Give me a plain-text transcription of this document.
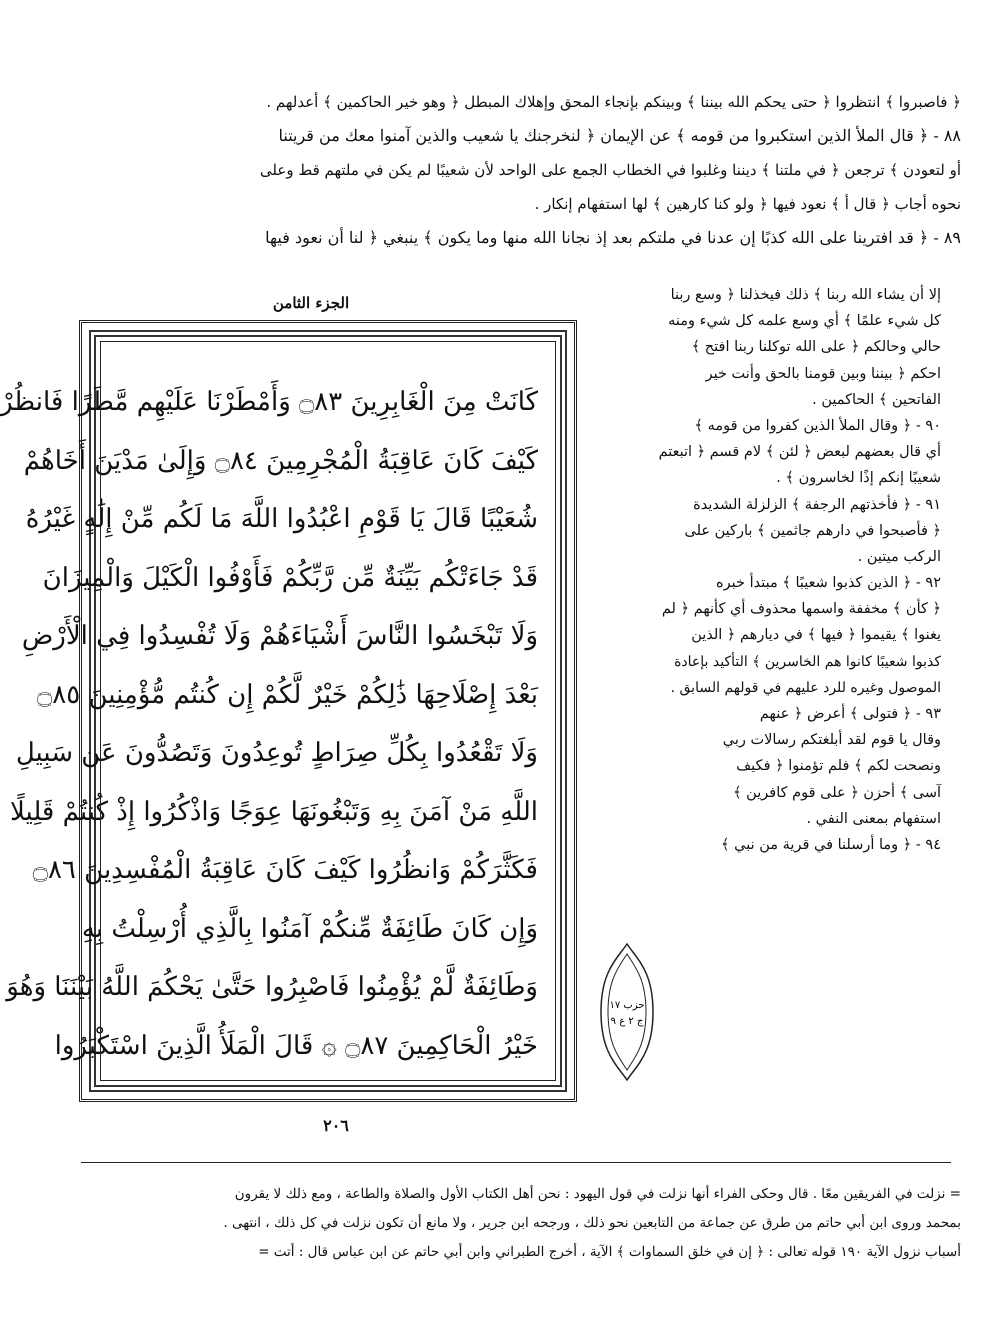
﴿ فاصبروا ﴾ انتظروا ﴿ حتى يحكم الله بيننا ﴾ وبينكم بإنجاء المحق وإهلاك المبطل ﴿ وهو خير الحاكمين ﴾ أعدلهم .
٨٨ - ﴿ قال الملأ الذين استكبروا من قومه ﴾ عن الإيمان ﴿ لنخرجنك يا شعيب والذين آمنوا معك من قريتنا
أو لتعودن ﴾ ترجعن ﴿ في ملتنا ﴾ ديننا وغلبوا في الخطاب الجمع على الواحد لأن شعيبًا لم يكن في ملتهم قط وعلى
نحوه أجاب ﴿ قال أ ﴾ نعود فيها ﴿ ولو كنا كارهين ﴾ لها استفهام إنكار .
٨٩ - ﴿ قد افترينا على الله كذبًا إن عدنا في ملتكم بعد إذ نجانا الله منها وما يكون ﴾ ينبغي ﴿ لنا أن نعود فيها
الجزء الثامن	إلا أن يشاء الله ربنا ﴾ ذلك فيخذلنا ﴿ وسع ربنا
كل شيء علمًا ﴾ أي وسع علمه كل شيء ومنه
حالي وحالكم ﴿ على الله توكلنا ربنا افتح ﴾
احكم ﴿ بيننا وبين قومنا بالحق وأنت خير
الفاتحين ﴾ الحاكمين .
٩٠ - ﴿ وقال الملأ الذين كفروا من قومه ﴾
أي قال بعضهم لبعض ﴿ لئن ﴾ لام قسم ﴿ اتبعتم
شعيبًا إنكم إذًا لخاسرون ﴾ .
٩١ - ﴿ فأخذتهم الرجفة ﴾ الزلزلة الشديدة
﴿ فأصبحوا في دارهم جاثمين ﴾ باركين على
الركب ميتين .
٩٢ - ﴿ الذين كذبوا شعيبًا ﴾ مبتدأ خبره
﴿ كأن ﴾ مخففة واسمها محذوف أي كأنهم ﴿ لم
يغنوا ﴾ يقيموا ﴿ فيها ﴾ في ديارهم ﴿ الذين
كذبوا شعيبًا كانوا هم الخاسرين ﴾ التأكيد بإعادة
الموصول وغيره للرد عليهم في قولهم السابق .
٩٣ - ﴿ فتولى ﴾ أعرض ﴿ عنهم
وقال يا قوم لقد أبلغتكم رسالات ربي
ونصحت لكم ﴾ فلم تؤمنوا ﴿ فكيف
آسى ﴾ أحزن ﴿ على قوم كافرين ﴾
استفهام بمعنى النفي .
٩٤ - ﴿ وما أرسلنا في قرية من نبي ﴾
حزب ١٧
ج ٢ ع ٩
كَانَتْ مِنَ الْغَابِرِينَ ۝٨٣ وَأَمْطَرْنَا عَلَيْهِم مَّطَرًا فَانظُرْ
كَيْفَ كَانَ عَاقِبَةُ الْمُجْرِمِينَ ۝٨٤ وَإِلَىٰ مَدْيَنَ أَخَاهُمْ
شُعَيْبًا قَالَ يَا قَوْمِ اعْبُدُوا اللَّهَ مَا لَكُم مِّنْ إِلَٰهٍ غَيْرُهُ
قَدْ جَاءَتْكُم بَيِّنَةٌ مِّن رَّبِّكُمْ فَأَوْفُوا الْكَيْلَ وَالْمِيزَانَ
وَلَا تَبْخَسُوا النَّاسَ أَشْيَاءَهُمْ وَلَا تُفْسِدُوا فِي الْأَرْضِ
بَعْدَ إِصْلَاحِهَا ذَٰلِكُمْ خَيْرٌ لَّكُمْ إِن كُنتُم مُّؤْمِنِينَ ۝٨٥
وَلَا تَقْعُدُوا بِكُلِّ صِرَاطٍ تُوعِدُونَ وَتَصُدُّونَ عَن سَبِيلِ
اللَّهِ مَنْ آمَنَ بِهِ وَتَبْغُونَهَا عِوَجًا وَاذْكُرُوا إِذْ كُنتُمْ قَلِيلًا
فَكَثَّرَكُمْ وَانظُرُوا كَيْفَ كَانَ عَاقِبَةُ الْمُفْسِدِينَ ۝٨٦
وَإِن كَانَ طَائِفَةٌ مِّنكُمْ آمَنُوا بِالَّذِي أُرْسِلْتُ بِهِ
وَطَائِفَةٌ لَّمْ يُؤْمِنُوا فَاصْبِرُوا حَتَّىٰ يَحْكُمَ اللَّهُ بَيْنَنَا وَهُوَ
خَيْرُ الْحَاكِمِينَ ۝٨٧ ۞ قَالَ الْمَلَأُ الَّذِينَ اسْتَكْبَرُوا
٢٠٦
= نزلت في الفريقين معًا . قال وحكى الفراء أنها نزلت في قول اليهود : نحن أهل الكتاب الأول والصلاة والطاعة ، ومع ذلك لا يقرون
بمحمد وروى ابن أبي حاتم من طرق عن جماعة من التابعين نحو ذلك ، ورجحه ابن جرير ، ولا مانع أن تكون نزلت في كل ذلك ، انتهى .
أسباب نزول الآية ١٩٠ قوله تعالى : ﴿ إن في خلق السماوات ﴾ الآية ، أخرج الطبراني وابن أبي حاتم عن ابن عباس قال : أتت =
